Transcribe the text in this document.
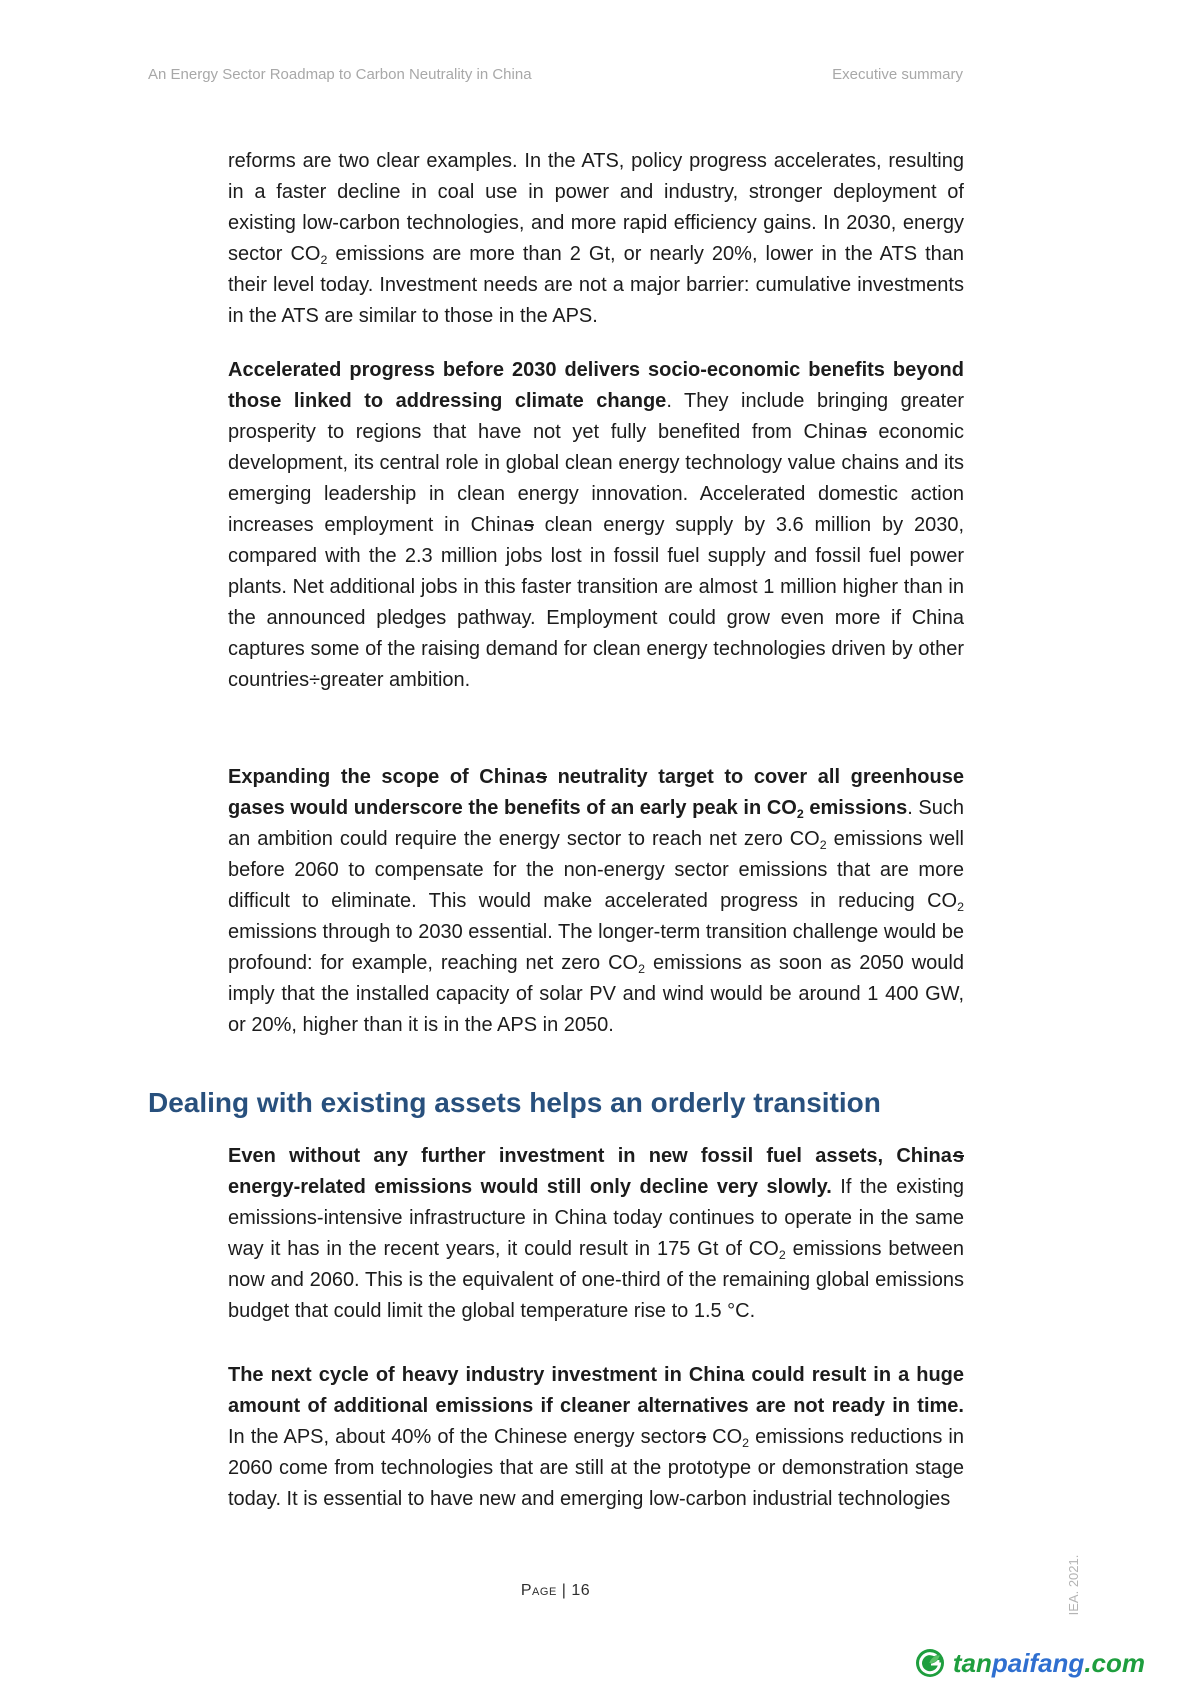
An Energy Sector Roadmap to Carbon Neutrality in China	Executive summary

reforms are two clear examples. In the ATS, policy progress accelerates, resulting in a faster decline in coal use in power and industry, stronger deployment of existing low-carbon technologies, and more rapid efficiency gains. In 2030, energy sector CO2 emissions are more than 2 Gt, or nearly 20%, lower in the ATS than their level today. Investment needs are not a major barrier: cumulative investments in the ATS are similar to those in the APS.

Accelerated progress before 2030 delivers socio-economic benefits beyond those linked to addressing climate change. They include bringing greater prosperity to regions that have not yet fully benefited from Chinas economic development, its central role in global clean energy technology value chains and its emerging leadership in clean energy innovation. Accelerated domestic action increases employment in Chinas clean energy supply by 3.6 million by 2030, compared with the 2.3 million jobs lost in fossil fuel supply and fossil fuel power plants. Net additional jobs in this faster transition are almost 1 million higher than in the announced pledges pathway. Employment could grow even more if China captures some of the raising demand for clean energy technologies driven by other countries÷greater ambition.

Expanding the scope of Chinas neutrality target to cover all greenhouse gases would underscore the benefits of an early peak in CO2 emissions. Such an ambition could require the energy sector to reach net zero CO2 emissions well before 2060 to compensate for the non-energy sector emissions that are more difficult to eliminate. This would make accelerated progress in reducing CO2 emissions through to 2030 essential. The longer-term transition challenge would be profound: for example, reaching net zero CO2 emissions as soon as 2050 would imply that the installed capacity of solar PV and wind would be around 1 400 GW, or 20%, higher than it is in the APS in 2050.

Dealing with existing assets helps an orderly transition

Even without any further investment in new fossil fuel assets, Chinas energy-related emissions would still only decline very slowly. If the existing emissions-intensive infrastructure in China today continues to operate in the same way it has in the recent years, it could result in 175 Gt of CO2 emissions between now and 2060. This is the equivalent of one-third of the remaining global emissions budget that could limit the global temperature rise to 1.5 °C.

The next cycle of heavy industry investment in China could result in a huge amount of additional emissions if cleaner alternatives are not ready in time. In the APS, about 40% of the Chinese energy sectors CO2 emissions reductions in 2060 come from technologies that are still at the prototype or demonstration stage today. It is essential to have new and emerging low-carbon industrial technologies

Page | 16	IEA. 2021.
tanpaifang.com
